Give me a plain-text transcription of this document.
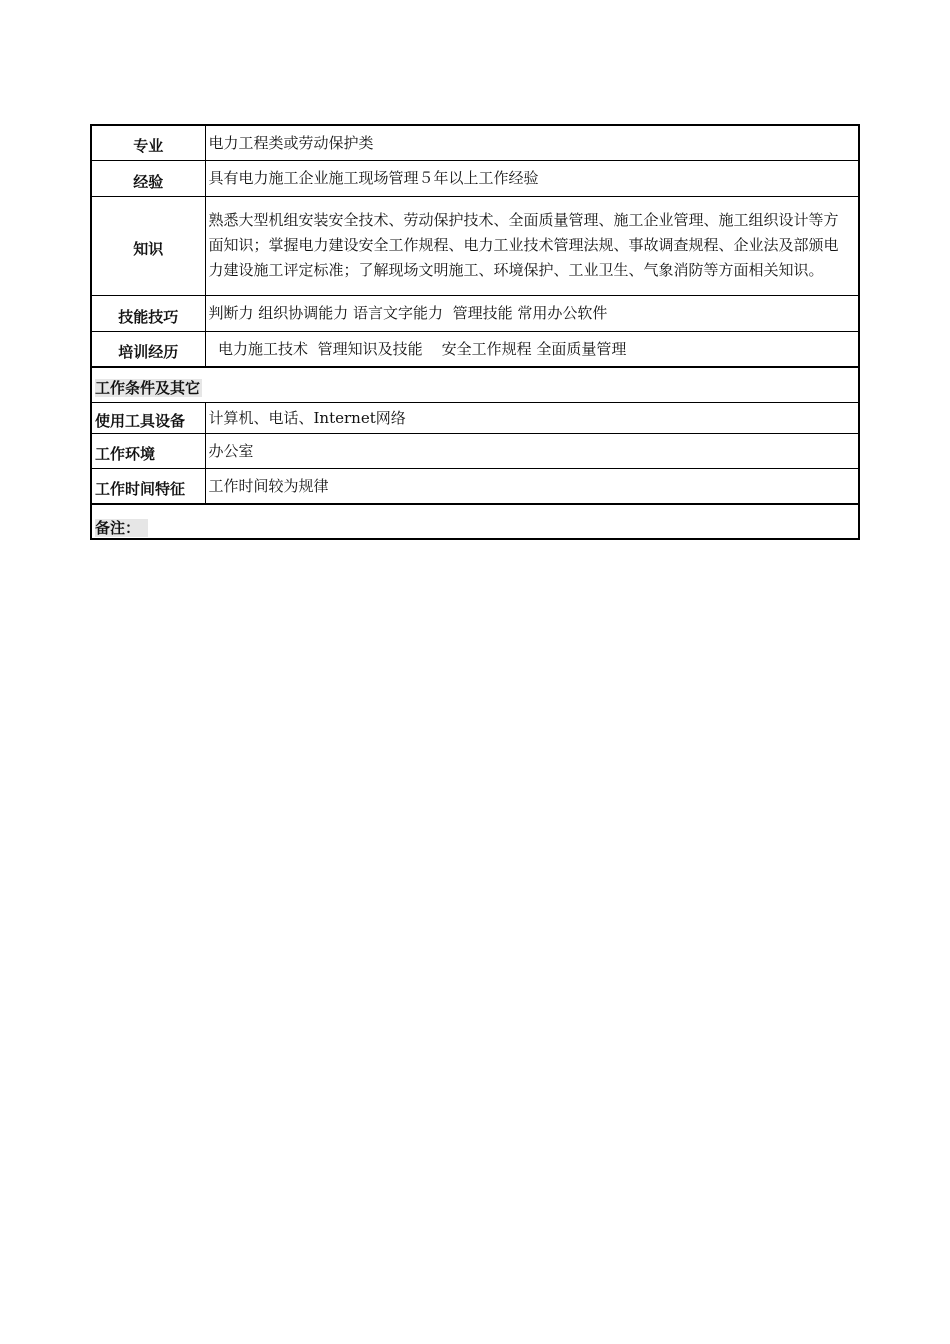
专业	电力工程类或劳动保护类
经验	具有电力施工企业施工现场管理５年以上工作经验
知识	熟悉大型机组安装安全技术、劳动保护技术、全面质量管理、施工企业管理、施工组织设计等方面知识；掌握电力建设安全工作规程、电力工业技术管理法规、事故调查规程、企业法及部颁电力建设施工评定标准；了解现场文明施工、环境保护、工业卫生、气象消防等方面相关知识。
技能技巧	判断力 组织协调能力 语言文字能力  管理技能 常用办公软件
培训经历	电力施工技术  管理知识及技能    安全工作规程 全面质量管理
工作条件及其它	
使用工具设备	计算机、电话、Internet网络
工作环境	办公室
工作时间特征	工作时间较为规律
备注：	
